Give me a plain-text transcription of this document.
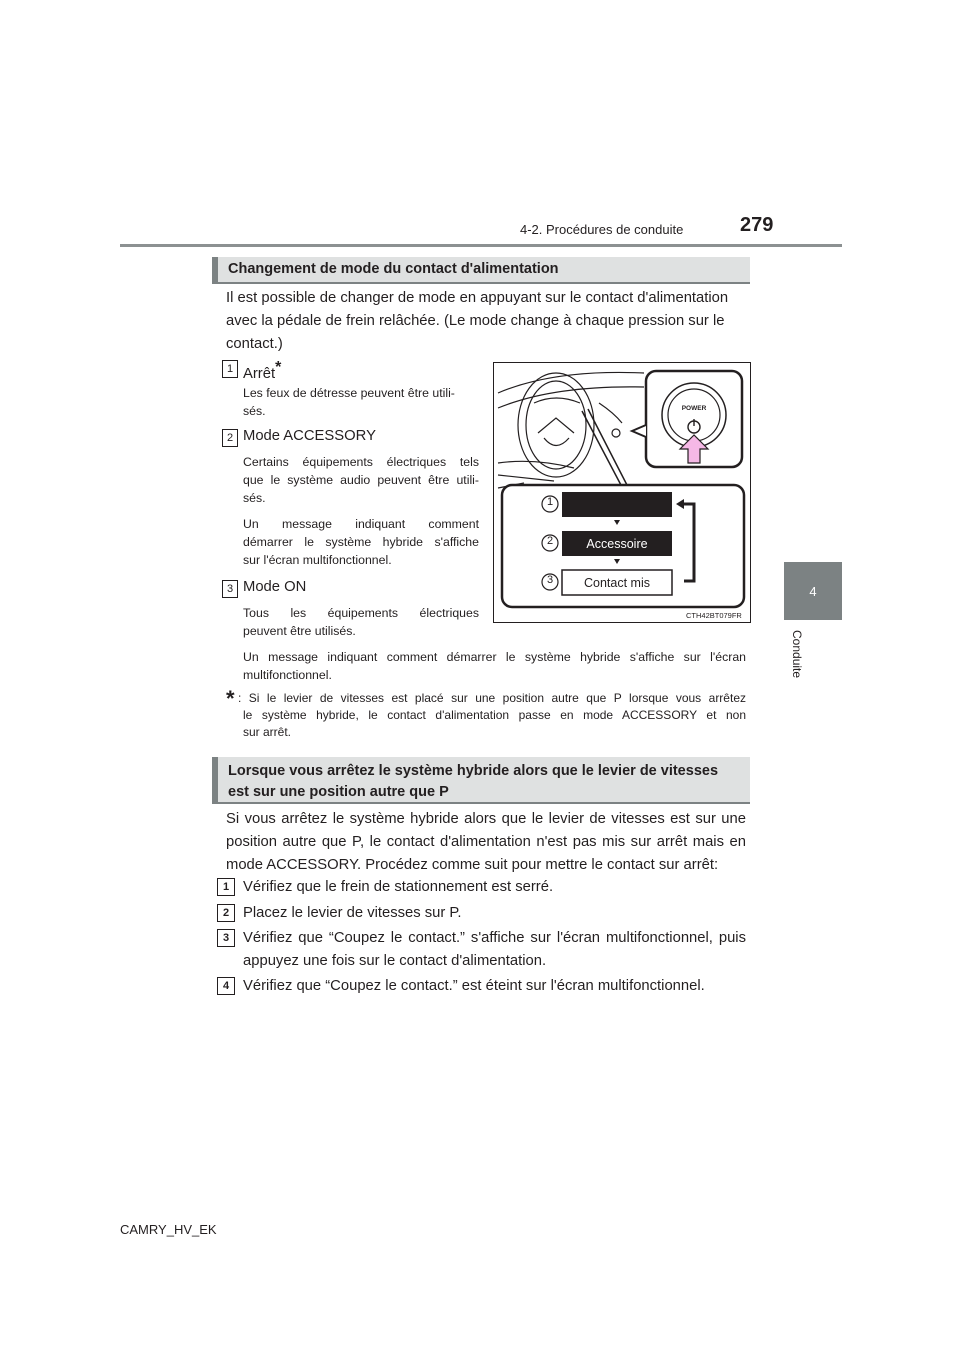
4-2. Procédures de conduite	279
4
Conduite
Changement de mode du contact d'alimentation
Il est possible de changer de mode en appuyant sur le contact d'alimentation
avec la pédale de frein relâchée. (Le mode change à chaque pression sur le
contact.)
1 Arrêt*
Les feux de détresse peuvent être utili-
sés.
2 Mode ACCESSORY
Certains équipements électriques tels
que le système audio peuvent être utili-
sés.
Un message indiquant comment
démarrer le système hybride s'affiche
sur l'écran multifonctionnel.
3 Mode ON
Tous les équipements électriques
peuvent être utilisés.
Un message indiquant comment démarrer le système hybride s'affiche sur l'écran
multifonctionnel.
* : Si le levier de vitesses est placé sur une position autre que P lorsque vous arrêtez
le système hybride, le contact d'alimentation passe en mode ACCESSORY et non
sur arrêt.
POWER
1
2
3
Accessoire
Contact mis
CTH42BT079FR
Lorsque vous arrêtez le système hybride alors que le levier de vitesses
est sur une position autre que P
Si vous arrêtez le système hybride alors que le levier de vitesses est sur une
position autre que P, le contact d'alimentation n'est pas mis sur arrêt mais en
mode ACCESSORY. Procédez comme suit pour mettre le contact sur arrêt:
1 Vérifiez que le frein de stationnement est serré.
2 Placez le levier de vitesses sur P.
3 Vérifiez que “Coupez le contact.” s'affiche sur l'écran multifonctionnel, puis
appuyez une fois sur le contact d'alimentation.
4 Vérifiez que “Coupez le contact.” est éteint sur l'écran multifonctionnel.
CAMRY_HV_EK
